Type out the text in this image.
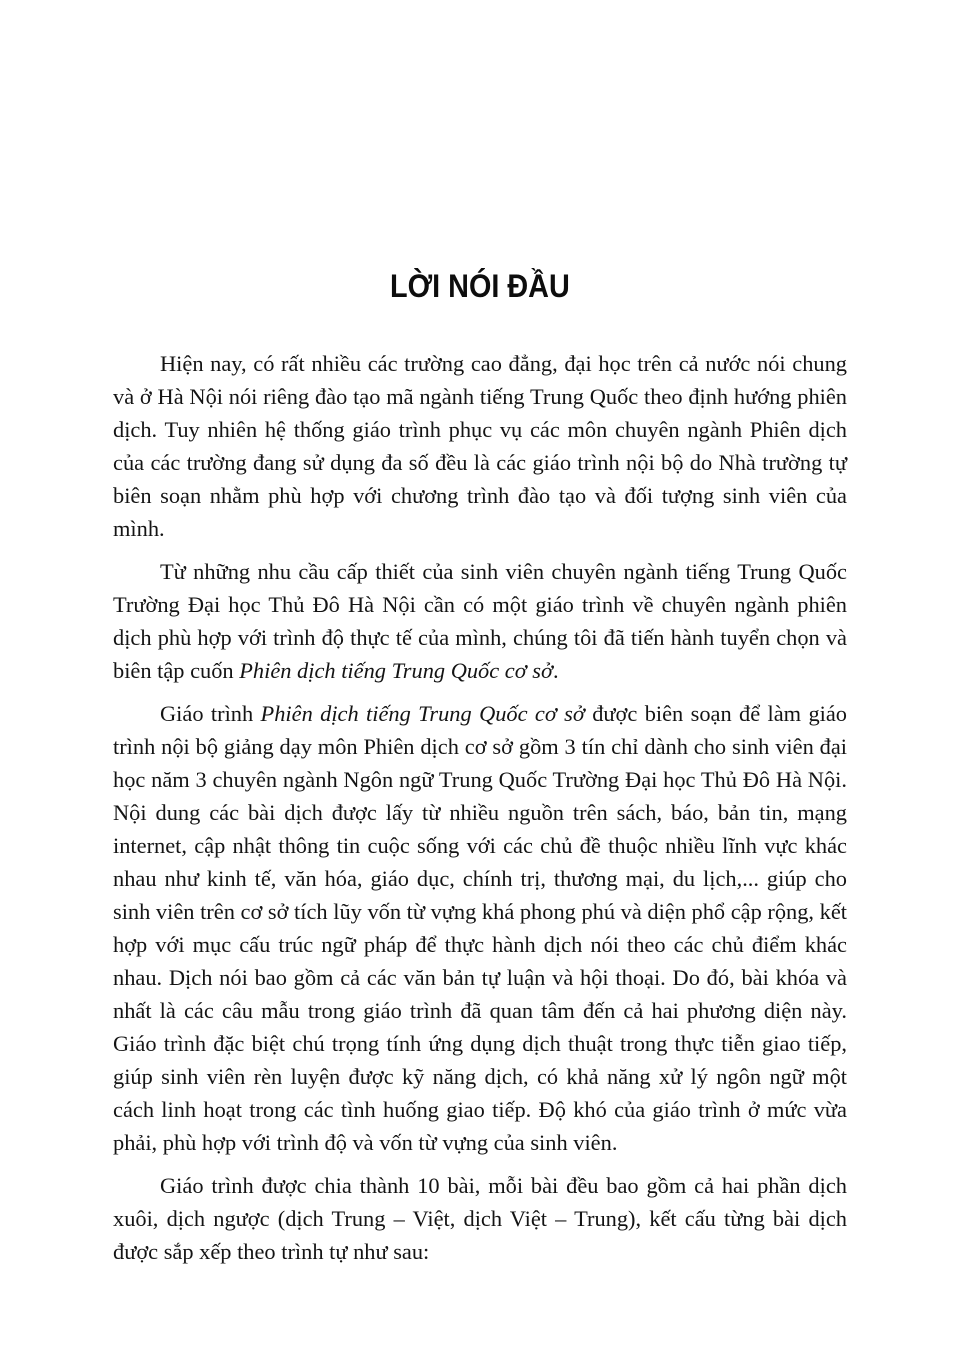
LỜI NÓI ĐẦU

Hiện nay, có rất nhiều các trường cao đẳng, đại học trên cả nước nói chung và ở Hà Nội nói riêng đào tạo mã ngành tiếng Trung Quốc theo định hướng phiên dịch. Tuy nhiên hệ thống giáo trình phục vụ các môn chuyên ngành Phiên dịch của các trường đang sử dụng đa số đều là các giáo trình nội bộ do Nhà trường tự biên soạn nhằm phù hợp với chương trình đào tạo và đối tượng sinh viên của mình.

Từ những nhu cầu cấp thiết của sinh viên chuyên ngành tiếng Trung Quốc Trường Đại học Thủ Đô Hà Nội cần có một giáo trình về chuyên ngành phiên dịch phù hợp với trình độ thực tế của mình, chúng tôi đã tiến hành tuyển chọn và biên tập cuốn Phiên dịch tiếng Trung Quốc cơ sở.

Giáo trình Phiên dịch tiếng Trung Quốc cơ sở được biên soạn để làm giáo trình nội bộ giảng dạy môn Phiên dịch cơ sở gồm 3 tín chỉ dành cho sinh viên đại học năm 3 chuyên ngành Ngôn ngữ Trung Quốc Trường Đại học Thủ Đô Hà Nội. Nội dung các bài dịch được lấy từ nhiều nguồn trên sách, báo, bản tin, mạng internet, cập nhật thông tin cuộc sống với các chủ đề thuộc nhiều lĩnh vực khác nhau như kinh tế, văn hóa, giáo dục, chính trị, thương mại, du lịch,... giúp cho sinh viên trên cơ sở tích lũy vốn từ vựng khá phong phú và diện phổ cập rộng, kết hợp với mục cấu trúc ngữ pháp để thực hành dịch nói theo các chủ điểm khác nhau. Dịch nói bao gồm cả các văn bản tự luận và hội thoại. Do đó, bài khóa và nhất là các câu mẫu trong giáo trình đã quan tâm đến cả hai phương diện này. Giáo trình đặc biệt chú trọng tính ứng dụng dịch thuật trong thực tiễn giao tiếp, giúp sinh viên rèn luyện được kỹ năng dịch, có khả năng xử lý ngôn ngữ một cách linh hoạt trong các tình huống giao tiếp. Độ khó của giáo trình ở mức vừa phải, phù hợp với trình độ và vốn từ vựng của sinh viên.

Giáo trình được chia thành 10 bài, mỗi bài đều bao gồm cả hai phần dịch xuôi, dịch ngược (dịch Trung – Việt, dịch Việt – Trung), kết cấu từng bài dịch được sắp xếp theo trình tự như sau:
